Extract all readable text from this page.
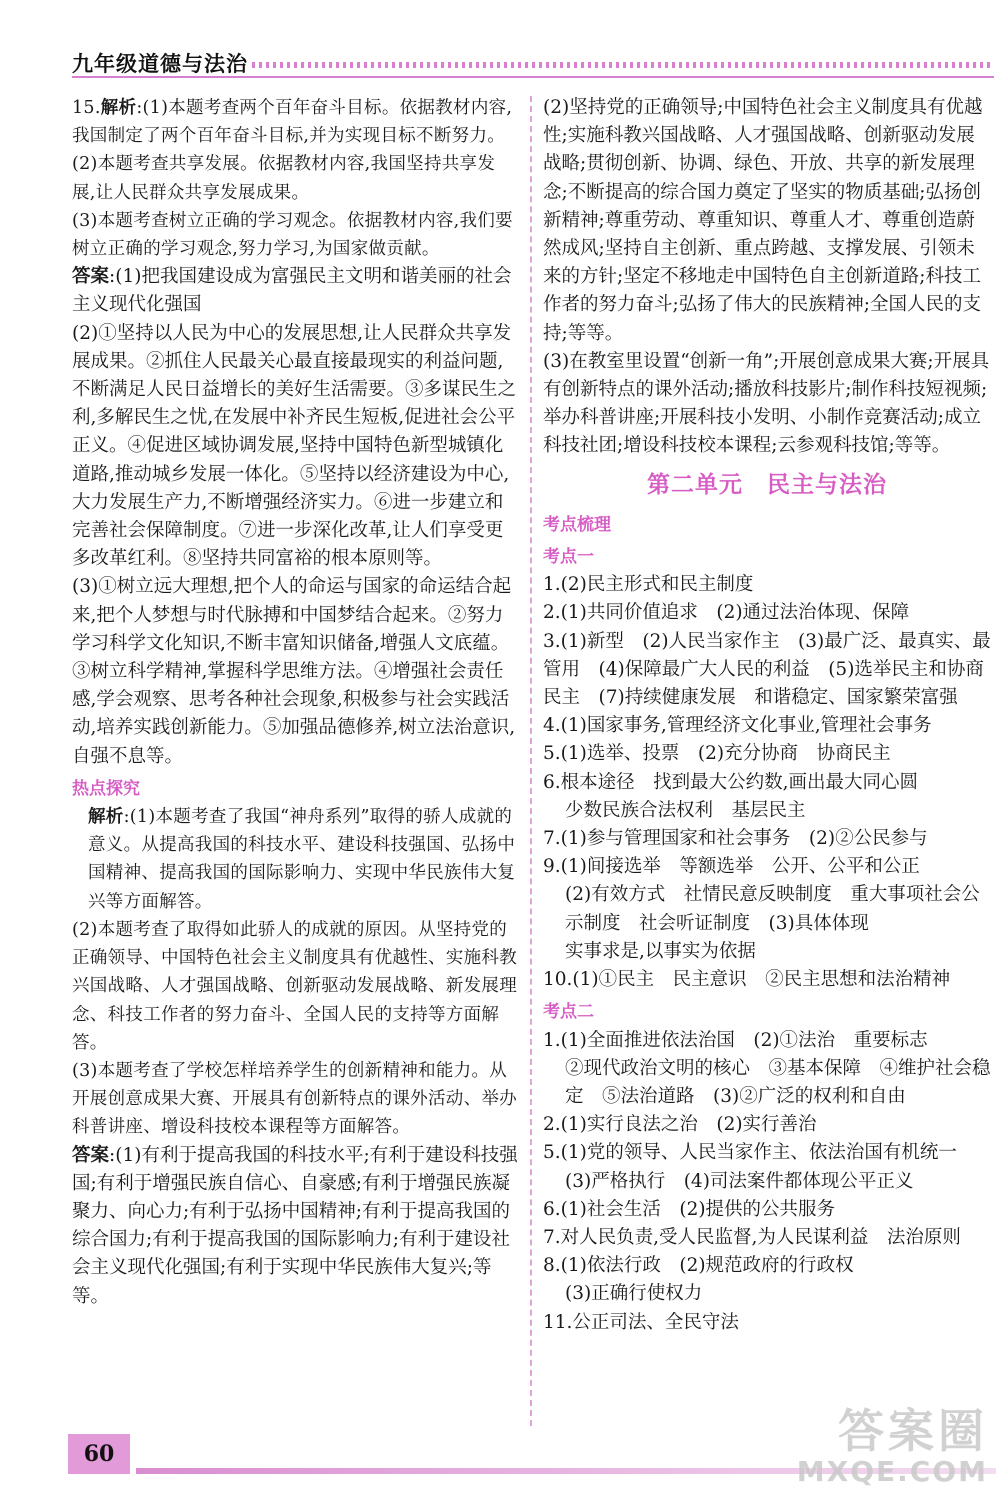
九年级道德与法治

15.解析:(1)本题考查两个百年奋斗目标。依据教材内容,我国制定了两个百年奋斗目标,并为实现目标不断努力。

(2)本题考查共享发展。依据教材内容,我国坚持共享发展,让人民群众共享发展成果。

(3)本题考查树立正确的学习观念。依据教材内容,我们要树立正确的学习观念,努力学习,为国家做贡献。

答案:(1)把我国建设成为富强民主文明和谐美丽的社会主义现代化强国

(2)①坚持以人民为中心的发展思想,让人民群众共享发展成果。②抓住人民最关心最直接最现实的利益问题,不断满足人民日益增长的美好生活需要。③多谋民生之利,多解民生之忧,在发展中补齐民生短板,促进社会公平正义。④促进区域协调发展,坚持中国特色新型城镇化道路,推动城乡发展一体化。⑤坚持以经济建设为中心,大力发展生产力,不断增强经济实力。⑥进一步建立和完善社会保障制度。⑦进一步深化改革,让人们享受更多改革红利。⑧坚持共同富裕的根本原则等。

(3)①树立远大理想,把个人的命运与国家的命运结合起来,把个人梦想与时代脉搏和中国梦结合起来。②努力学习科学文化知识,不断丰富知识储备,增强人文底蕴。③树立科学精神,掌握科学思维方法。④增强社会责任感,学会观察、思考各种社会现象,积极参与社会实践活动,培养实践创新能力。⑤加强品德修养,树立法治意识,自强不息等。

热点探究

解析:(1)本题考查了我国“神舟系列”取得的骄人成就的意义。从提高我国的科技水平、建设科技强国、弘扬中国精神、提高我国的国际影响力、实现中华民族伟大复兴等方面解答。

(2)本题考查了取得如此骄人的成就的原因。从坚持党的正确领导、中国特色社会主义制度具有优越性、实施科教兴国战略、人才强国战略、创新驱动发展战略、新发展理念、科技工作者的努力奋斗、全国人民的支持等方面解答。

(3)本题考查了学校怎样培养学生的创新精神和能力。从开展创意成果大赛、开展具有创新特点的课外活动、举办科普讲座、增设科技校本课程等方面解答。

答案:(1)有利于提高我国的科技水平;有利于建设科技强国;有利于增强民族自信心、自豪感;有利于增强民族凝聚力、向心力;有利于弘扬中国精神;有利于提高我国的综合国力;有利于提高我国的国际影响力;有利于建设社会主义现代化强国;有利于实现中华民族伟大复兴;等等。

(2)坚持党的正确领导;中国特色社会主义制度具有优越性;实施科教兴国战略、人才强国战略、创新驱动发展战略;贯彻创新、协调、绿色、开放、共享的新发展理念;不断提高的综合国力奠定了坚实的物质基础;弘扬创新精神;尊重劳动、尊重知识、尊重人才、尊重创造蔚然成风;坚持自主创新、重点跨越、支撑发展、引领未来的方针;坚定不移地走中国特色自主创新道路;科技工作者的努力奋斗;弘扬了伟大的民族精神;全国人民的支持;等等。

(3)在教室里设置“创新一角”;开展创意成果大赛;开展具有创新特点的课外活动;播放科技影片;制作科技短视频;举办科普讲座;开展科技小发明、小制作竞赛活动;成立科技社团;增设科技校本课程;云参观科技馆;等等。

第二单元　民主与法治

考点梳理

考点一

1.(2)民主形式和民主制度

2.(1)共同价值追求　(2)通过法治体现、保障

3.(1)新型　(2)人民当家作主　(3)最广泛、最真实、最管用　(4)保障最广大人民的利益　(5)选举民主和协商民主　(7)持续健康发展　和谐稳定、国家繁荣富强

4.(1)国家事务,管理经济文化事业,管理社会事务

5.(1)选举、投票　(2)充分协商　协商民主

6.根本途径　找到最大公约数,画出最大同心圆

少数民族合法权利　基层民主

7.(1)参与管理国家和社会事务　(2)②公民参与

9.(1)间接选举　等额选举　公开、公平和公正

(2)有效方式　社情民意反映制度　重大事项社会公示制度　社会听证制度　(3)具体体现

实事求是,以事实为依据

10.(1)①民主　民主意识　②民主思想和法治精神

考点二

1.(1)全面推进依法治国　(2)①法治　重要标志

②现代政治文明的核心　③基本保障　④维护社会稳定　⑤法治道路　(3)②广泛的权利和自由

2.(1)实行良法之治　(2)实行善治

5.(1)党的领导、人民当家作主、依法治国有机统一

(3)严格执行　(4)司法案件都体现公平正义

6.(1)社会生活　(2)提供的公共服务

7.对人民负责,受人民监督,为人民谋利益　法治原则

8.(1)依法行政　(2)规范政府的行政权

(3)正确行使权力

11.公正司法、全民守法

60	答案圈
MXQE.COM
